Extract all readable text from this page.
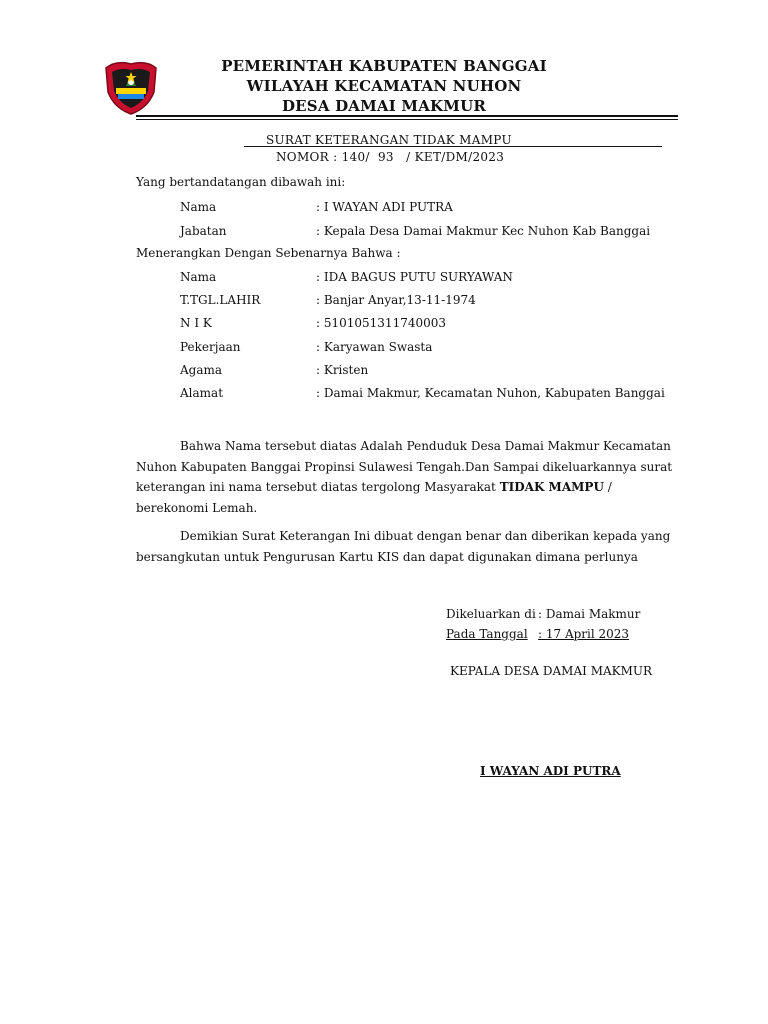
PEMERINTAH KABUPATEN BANGGAI
WILAYAH KECAMATAN NUHON
DESA DAMAI MAKMUR
SURAT KETERANGAN TIDAK MAMPU
NOMOR : 140/  93   / KET/DM/2023
Yang bertandatangan dibawah ini:
Nama	: I WAYAN ADI PUTRA
Jabatan	: Kepala Desa Damai Makmur Kec Nuhon Kab Banggai
Menerangkan Dengan Sebenarnya Bahwa :
Nama	: IDA BAGUS PUTU SURYAWAN
T.TGL.LAHIR	: Banjar Anyar,13-11-1974
N I K	: 5101051311740003
Pekerjaan	: Karyawan Swasta
Agama	: Kristen
Alamat	: Damai Makmur, Kecamatan Nuhon, Kabupaten Banggai
Bahwa Nama tersebut diatas Adalah Penduduk Desa Damai Makmur Kecamatan Nuhon Kabupaten Banggai Propinsi Sulawesi Tengah.Dan Sampai dikeluarkannya surat keterangan ini nama tersebut diatas tergolong Masyarakat TIDAK MAMPU / berekonomi Lemah.
Demikian Surat Keterangan Ini dibuat dengan benar dan diberikan kepada yang bersangkutan untuk Pengurusan Kartu KIS dan dapat digunakan dimana perlunya
Dikeluarkan di : Damai Makmur
Pada Tanggal : 17 April 2023
KEPALA DESA DAMAI MAKMUR
I WAYAN ADI PUTRA
